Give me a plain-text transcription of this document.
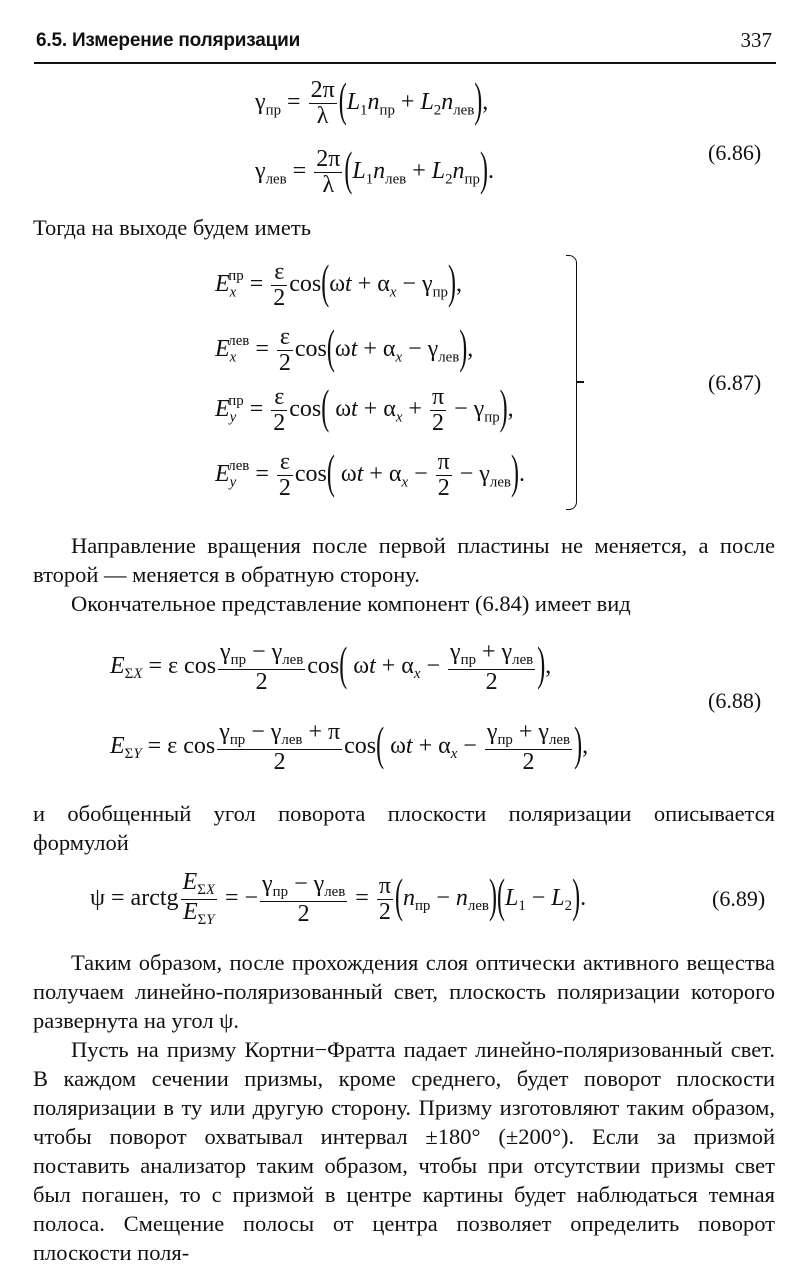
6.5. Измерение поляризации	337
$\gamma_{пр} = \frac{2\pi}{\lambda} (L_1n_{пр} + L_2n_{лев})$,
$\gamma_{лев} = \frac{2\pi}{\lambda} (L_1n_{лев} + L_2n_{пр})$.
(6.86)
Тогда на выходе будем иметь
$E_x^{пр} = \frac{\varepsilon}{2} \cos(\omega t + \alpha_x - \gamma_{пр})$,
$E_x^{лев} = \frac{\varepsilon}{2} \cos(\omega t + \alpha_x - \gamma_{лев})$,
$E_y^{пр} = \frac{\varepsilon}{2} \cos$( $\omega t + \alpha_x + \frac{\pi}{2} - \gamma_{пр}$),
$E_y^{лев} = \frac{\varepsilon}{2} \cos$( $\omega t + \alpha_x - \frac{\pi}{2} - \gamma_{лев}$).
(6.87)
Направление вращения после первой пластины не меняется, а после второй — меняется в обратную сторону.
Окончательное представление компонент (6.84) имеет вид
$E_{\Sigma X} = \varepsilon$ $\cos \frac{\gamma_{пр} - \gamma_{лев}}{2} \cos$( $\omega t + \alpha_x - \frac{\gamma_{пр} + \gamma_{лев}}{2}$ ),
$E_{\Sigma Y} = \varepsilon$ $\cos \frac{\gamma_{пр} - \gamma_{лев} + \pi}{2} \cos$( $\omega t + \alpha_x - \frac{\gamma_{пр} + \gamma_{лев}}{2}$ ),
(6.88)
и обобщенный угол поворота плоскости поляризации описывается формулой
ψ = arctg $\frac{E_{\Sigma X}}{E_{\Sigma Y}}$ = − $\frac{\gamma_{пр} - \gamma_{лев}}{2} = \frac{\pi}{2} (n_{пр} - n_{лев})(L_1 - L_2)$.	(6.89)
Таким образом, после прохождения слоя оптически активного вещества получаем линейно-поляризованный свет, плоскость поляризации которого развернута на угол ψ.
Пусть на призму Кортни−Фратта падает линейно-поляризованный свет. В каждом сечении призмы, кроме среднего, будет поворот плоскости поляризации в ту или другую сторону. Призму изготовляют таким образом, чтобы поворот охватывал интервал ±180° (±200°). Если за призмой поставить анализатор таким образом, чтобы при отсутствии призмы свет был погашен, то с призмой в центре картины будет наблюдаться темная полоса. Смещение полосы от центра позволяет определить поворот плоскости поля-
